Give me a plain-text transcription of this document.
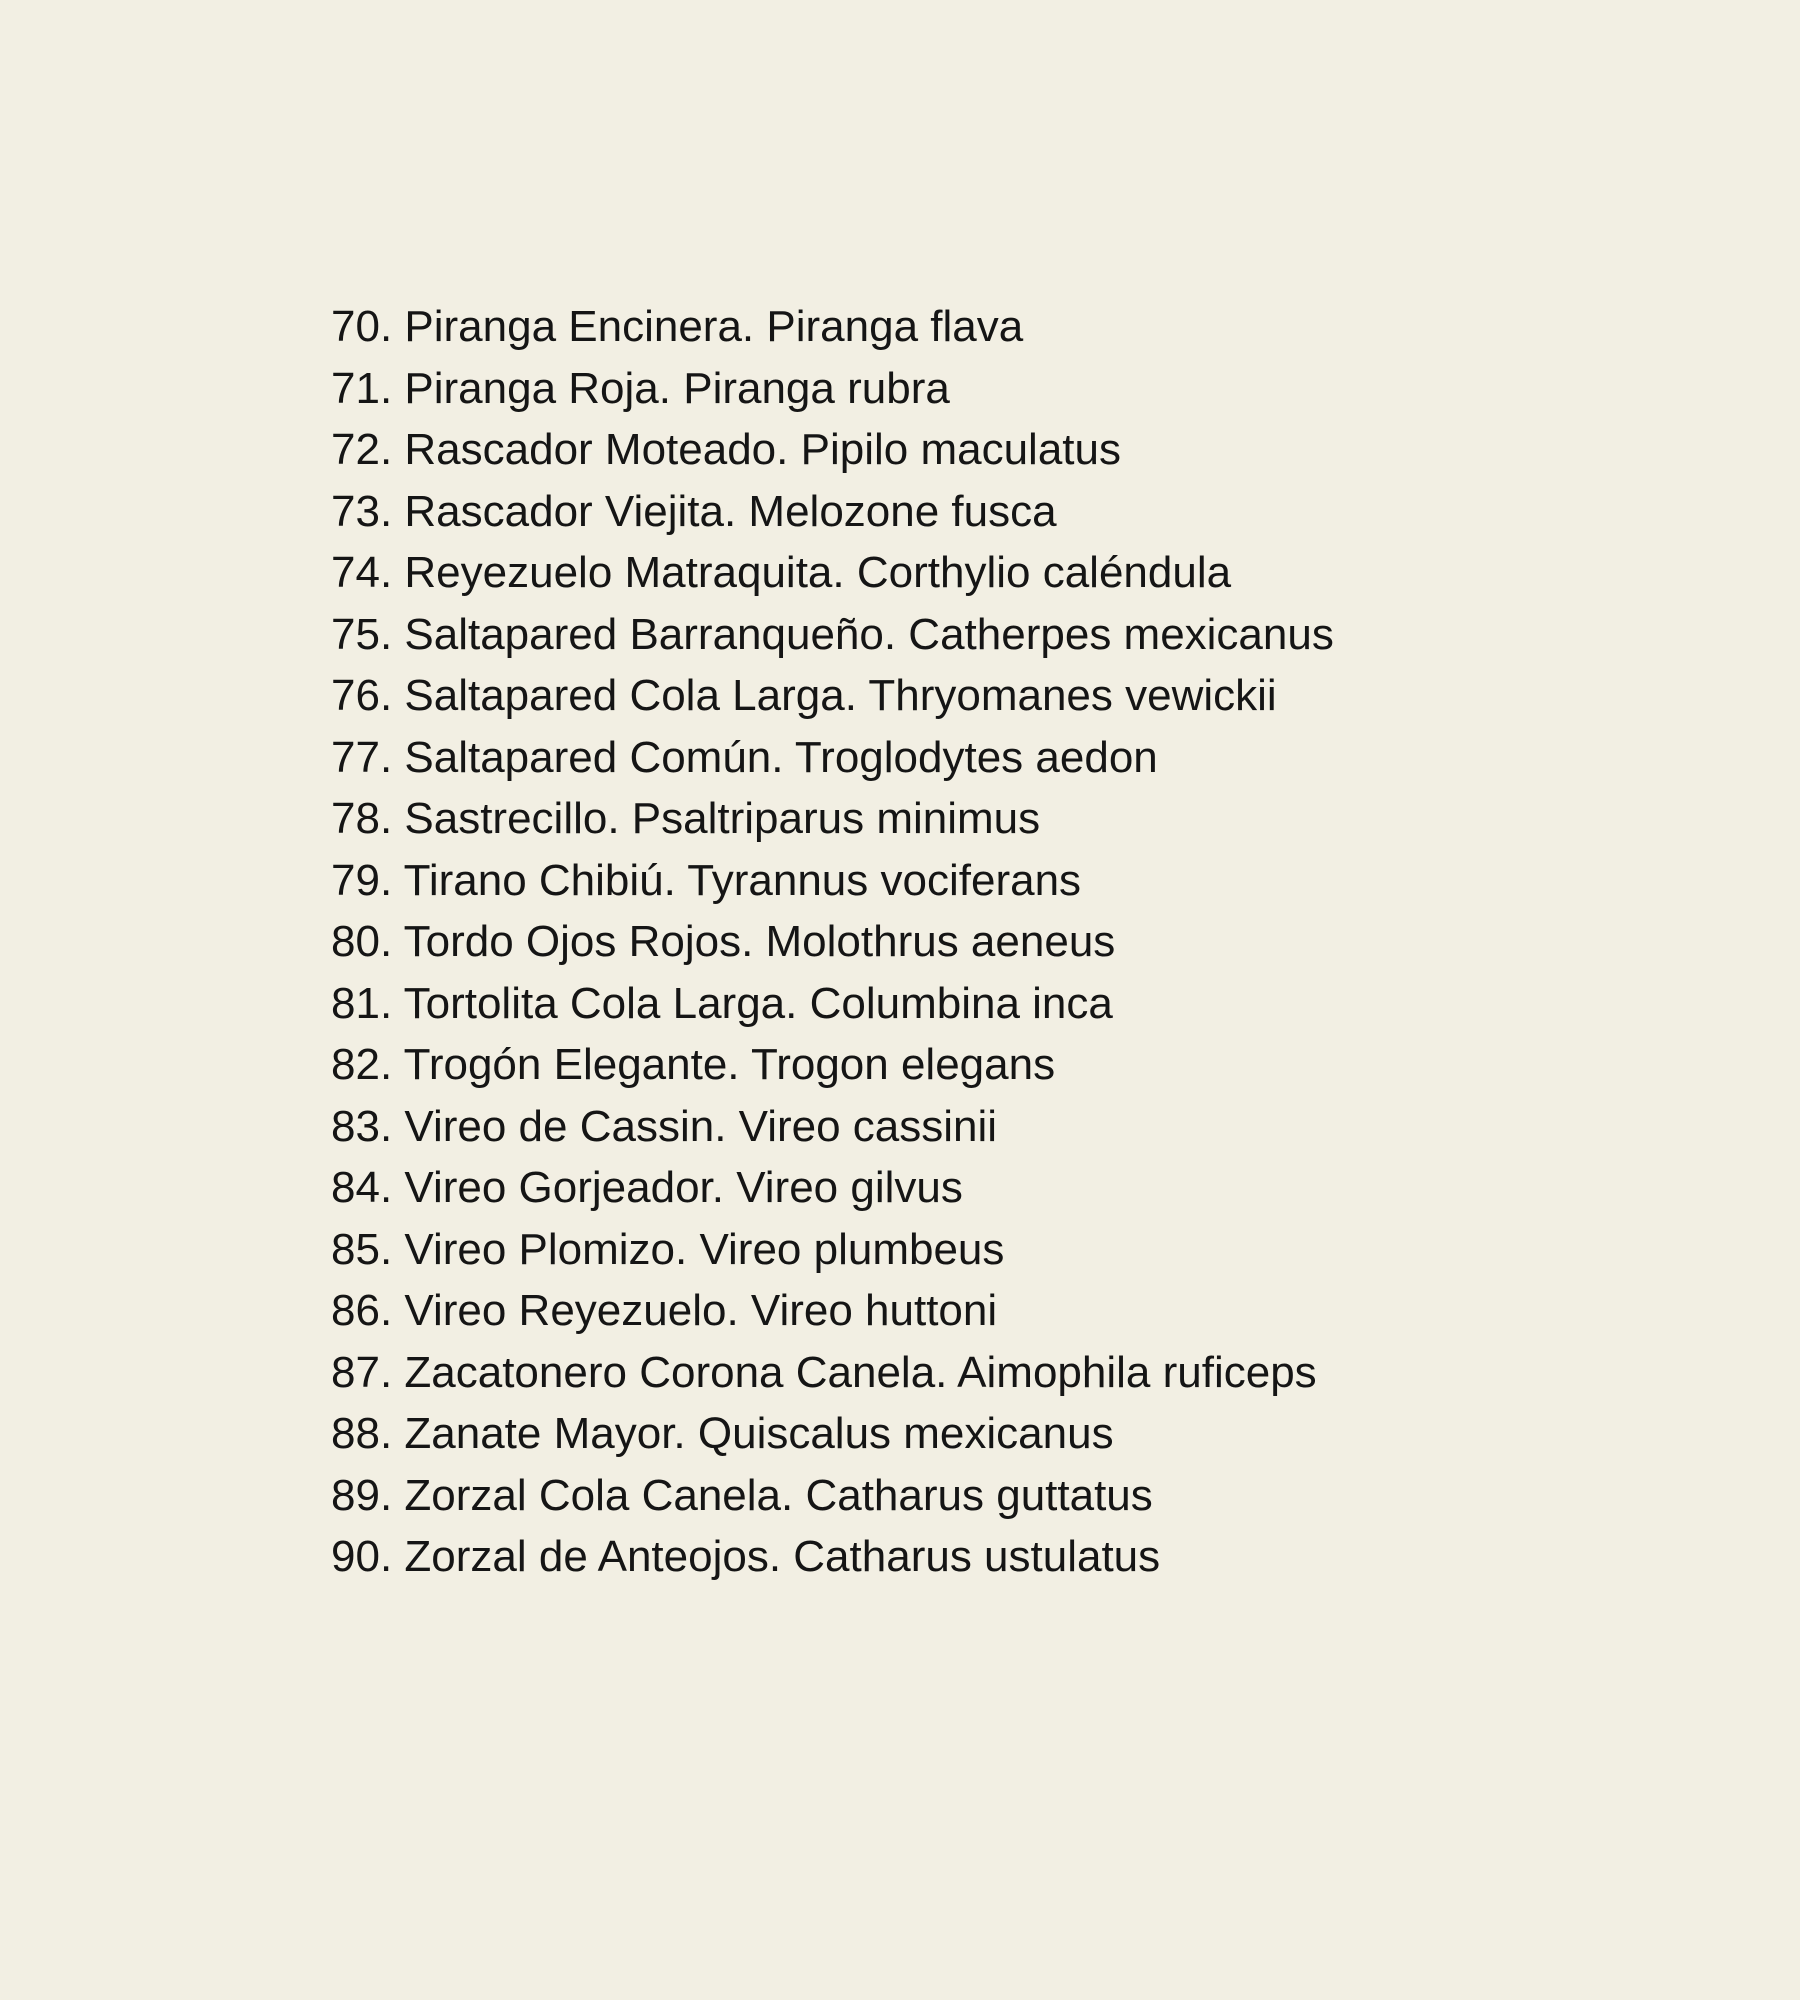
70. Piranga Encinera. Piranga flava
71. Piranga Roja. Piranga rubra
72. Rascador Moteado. Pipilo maculatus
73. Rascador Viejita. Melozone fusca
74. Reyezuelo Matraquita. Corthylio caléndula
75. Saltapared Barranqueño. Catherpes mexicanus
76. Saltapared Cola Larga. Thryomanes vewickii
77. Saltapared Común. Troglodytes aedon
78. Sastrecillo. Psaltriparus minimus
79. Tirano Chibiú. Tyrannus vociferans
80. Tordo Ojos Rojos. Molothrus aeneus
81. Tortolita Cola Larga. Columbina inca
82. Trogón Elegante. Trogon elegans
83. Vireo de Cassin. Vireo cassinii
84. Vireo Gorjeador. Vireo gilvus
85. Vireo Plomizo. Vireo plumbeus
86. Vireo Reyezuelo. Vireo huttoni
87. Zacatonero Corona Canela. Aimophila ruficeps
88. Zanate Mayor. Quiscalus mexicanus
89. Zorzal Cola Canela. Catharus guttatus
90. Zorzal de Anteojos. Catharus ustulatus
